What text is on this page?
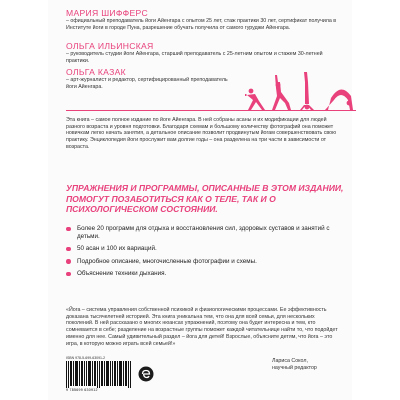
МАРИЯ ШИФФЕРС
– официальный преподаватель йоги Айенгара с опытом 25 лет, стаж практики 30 лет, сертификат получила в Институте йоги в городе Пуна, разрешение обучать получила от самого гуруджи Айенгара.
ОЛЬГА ИЛЬИНСКАЯ
– руководитель студии йоги Айенгара, старший преподаватель с 25-летним опытом и стажем 30-летней практики.
ОЛЬГА КАЗАК
– арт-журналист и редактор, сертифицированный преподаватель йоги Айенгара.
Эта книга – самое полное издание по йоге Айенгара. В ней собраны асаны и их модификации для людей разного возраста и уровня подготовки. Благодаря схемам и большому количеству фотографий она поможет новичкам легко начать занятия, а детальное описание позволит продвинутым йогам совершенствовать свою практику. Энциклопедия йоги прослужит вам долгие годы – она разделена на три части в зависимости от возраста.
УПРАЖНЕНИЯ И ПРОГРАММЫ, ОПИСАННЫЕ В ЭТОМ ИЗДАНИИ, ПОМОГУТ ПОЗАБОТИТЬСЯ КАК О ТЕЛЕ, ТАК И О ПСИХОЛОГИЧЕСКОМ СОСТОЯНИИ.
Более 20 программ для отдыха и восстановления сил, здоровых суставов и занятий с детьми.
50 асан и 100 их вариаций.
Подробное описание, многочисленные фотографии и схемы.
Объяснение техники дыхания.
«Йога – система управления собственной психикой и физиологическими процессами. Ее эффективность доказана тысячелетней историей. Эта книга уникальна тем, что она для всей семьи, для нескольких поколений. В ней рассказано о многих нюансах упражнений, поэтому она будет интересна и тем, кто сомневается в себе; разделение на возрастные группы поможет каждой читательнице найти то, что подойдет именно для нее. Самый удивительный раздел – йога для детей! Взрослые, объясните детям, что йога – это игра, в которую можно играть всей семьей!»
ISBN 978-5-699-63091-2
9 785699 630912
Лариса Сокол,
научный редактор
